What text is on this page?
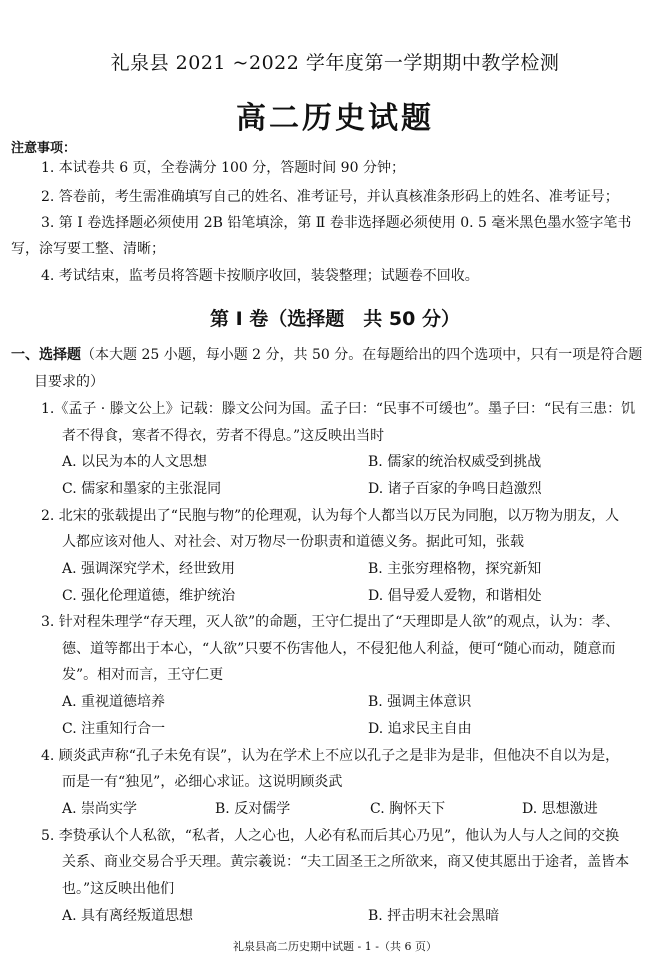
礼泉县 2021 ~2022 学年度第一学期期中教学检测
高二历史试题
注意事项：
1. 本试卷共 6 页，全卷满分 100 分，答题时间 90 分钟；
2. 答卷前，考生需准确填写自己的姓名、准考证号，并认真核准条形码上的姓名、准考证号；
3. 第 Ⅰ 卷选择题必须使用 2B 铅笔填涂，第 Ⅱ 卷非选择题必须使用 0. 5 毫米黑色墨水签字笔书
写，涂写要工整、清晰；
4. 考试结束，监考员将答题卡按顺序收回，装袋整理；试题卷不回收。
第 Ⅰ 卷（选择题　共 50 分）
一、选择题（本大题 25 小题，每小题 2 分，共 50 分。在每题给出的四个选项中，只有一项是符合题
目要求的）
1.《孟子 · 滕文公上》记载：滕文公问为国。孟子曰：“民事不可缓也”。墨子曰：“民有三患：饥
者不得食，寒者不得衣，劳者不得息。”这反映出当时
A. 以民为本的人文思想	B. 儒家的统治权威受到挑战
C. 儒家和墨家的主张混同	D. 诸子百家的争鸣日趋激烈
2. 北宋的张载提出了“民胞与物”的伦理观，认为每个人都当以万民为同胞，以万物为朋友，人
人都应该对他人、对社会、对万物尽一份职责和道德义务。据此可知，张载
A. 强调深究学术，经世致用	B. 主张穷理格物，探究新知
C. 强化伦理道德，维护统治	D. 倡导爱人爱物，和谐相处
3. 针对程朱理学“存天理，灭人欲”的命题，王守仁提出了“天理即是人欲”的观点，认为：孝、
德、道等都出于本心，“人欲”只要不伤害他人，不侵犯他人利益，便可“随心而动，随意而
发”。相对而言，王守仁更
A. 重视道德培养	B. 强调主体意识
C. 注重知行合一	D. 追求民主自由
4. 顾炎武声称“孔子未免有误”，认为在学术上不应以孔子之是非为是非，但他决不自以为是，
而是一有“独见”，必细心求证。这说明顾炎武
A. 崇尚实学	B. 反对儒学	C. 胸怀天下	D. 思想激进
5. 李贽承认个人私欲，“私者，人之心也，人必有私而后其心乃见”，他认为人与人之间的交换
关系、商业交易合乎天理。黄宗羲说：“夫工固圣王之所欲来，商又使其愿出于途者，盖皆本
也。”这反映出他们
A. 具有离经叛道思想	B. 抨击明末社会黑暗
礼泉县高二历史期中试题 - 1 -（共 6 页）
